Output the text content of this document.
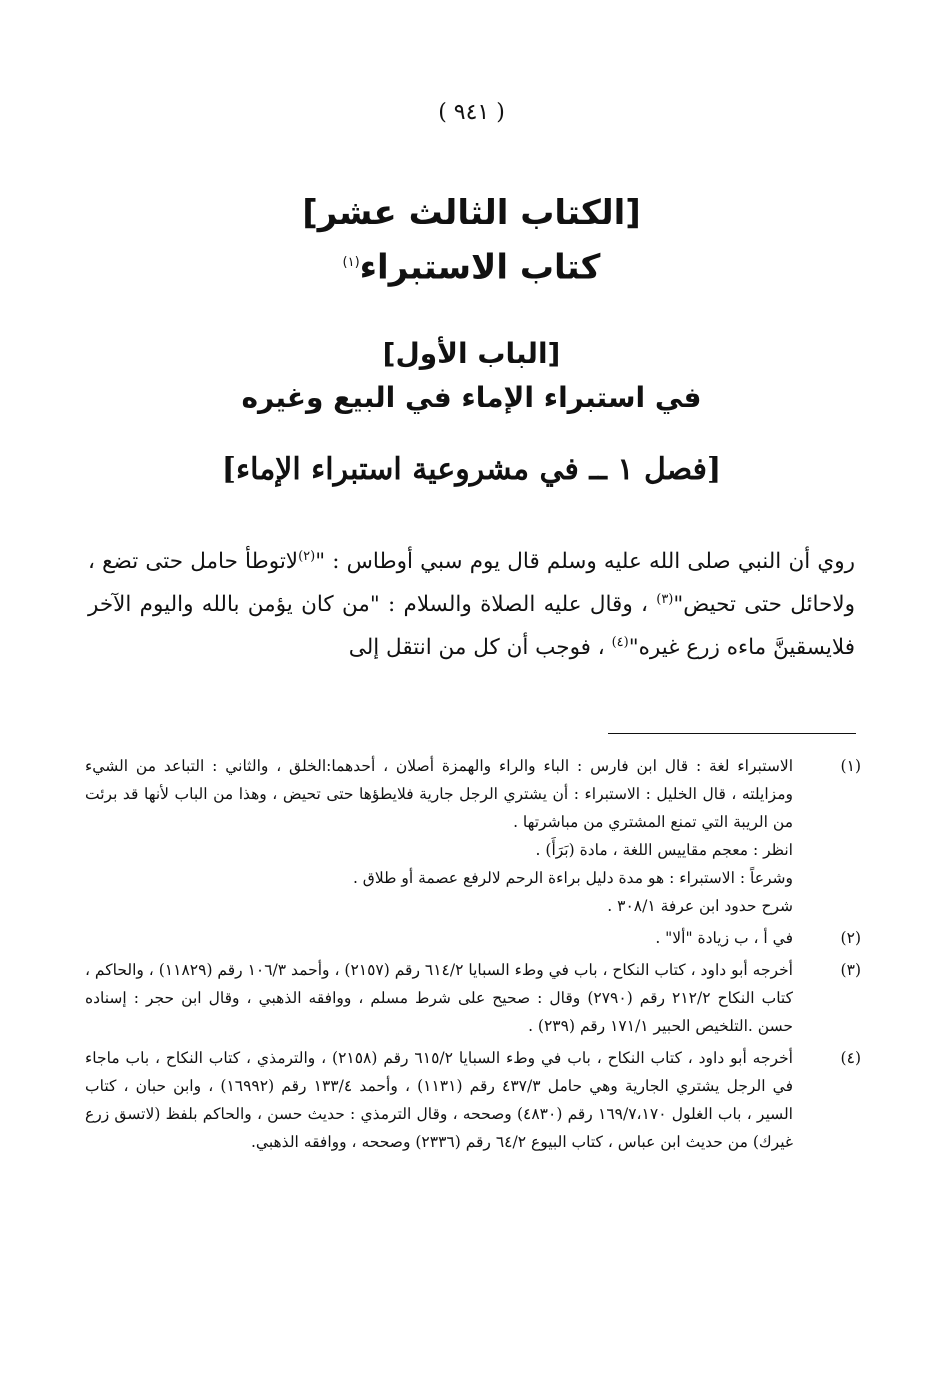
( ٩٤١ )
[الكتاب الثالث عشر]
كتاب الاستبراء$^{(١)}$
[الباب الأول]
في استبراء الإماء في البيع وغيره
[فصل ١ ــ في مشروعية استبراء الإماء]
روي أن النبي صلى الله عليه وسلم قال يوم سبي أوطاس : "$^{(٢)}$لاتوطأ حامل حتى تضع ، ولاحائل حتى تحيض"$^{(٣)}$ ، وقال عليه الصلاة والسلام : "من كان يؤمن بالله واليوم الآخر فلايسقينَّ ماءه زرع غيره"$^{(٤)}$ ، فوجب أن كل من انتقل إلى
(١)
الاستبراء لغة : قال ابن فارس : الباء والراء والهمزة أصلان ، أحدهما:الخلق ، والثاني : التباعد من الشيء ومزايلته ، قال الخليل : الاستبراء : أن يشتري الرجل جارية فلايطؤها حتى تحيض ، وهذا من الباب لأنها قد برئت من الريبة التي تمنع المشتري من مباشرتها .
انظر : معجم مقاييس اللغة ، مادة (بَرَأَ) .
وشرعاً : الاستبراء : هو مدة دليل براءة الرحم لالرفع عصمة أو طلاق .
شرح حدود ابن عرفة ٣٠٨/١ .
(٢)
في أ ، ب زيادة "ألا" .
(٣)
أخرجه أبو داود ، كتاب النكاح ، باب في وطء السبايا ٦١٤/٢ رقم (٢١٥٧) ، وأحمد ١٠٦/٣ رقم (١١٨٢٩) ، والحاكم ، كتاب النكاح ٢١٢/٢ رقم (٢٧٩٠) وقال : صحيح على شرط مسلم ، ووافقه الذهبي ، وقال ابن حجر : إسناده حسن .التلخيص الحبير ١٧١/١ رقم (٢٣٩) .
(٤)
أخرجه أبو داود ، كتاب النكاح ، باب في وطء السبايا ٦١٥/٢ رقم (٢١٥٨) ، والترمذي ، كتاب النكاح ، باب ماجاء في الرجل يشتري الجارية وهي حامل ٤٣٧/٣ رقم (١١٣١) ، وأحمد ١٣٣/٤ رقم (١٦٩٩٢) ، وابن حبان ، كتاب السير ، باب الغلول ١٦٩/٧،١٧٠ رقم (٤٨٣٠) وصححه ، وقال الترمذي : حديث حسن ، والحاكم بلفظ (لاتسق زرع غيرك) من حديث ابن عباس ، كتاب البيوع ٦٤/٢ رقم (٢٣٣٦) وصححه ، ووافقه الذهبي.
